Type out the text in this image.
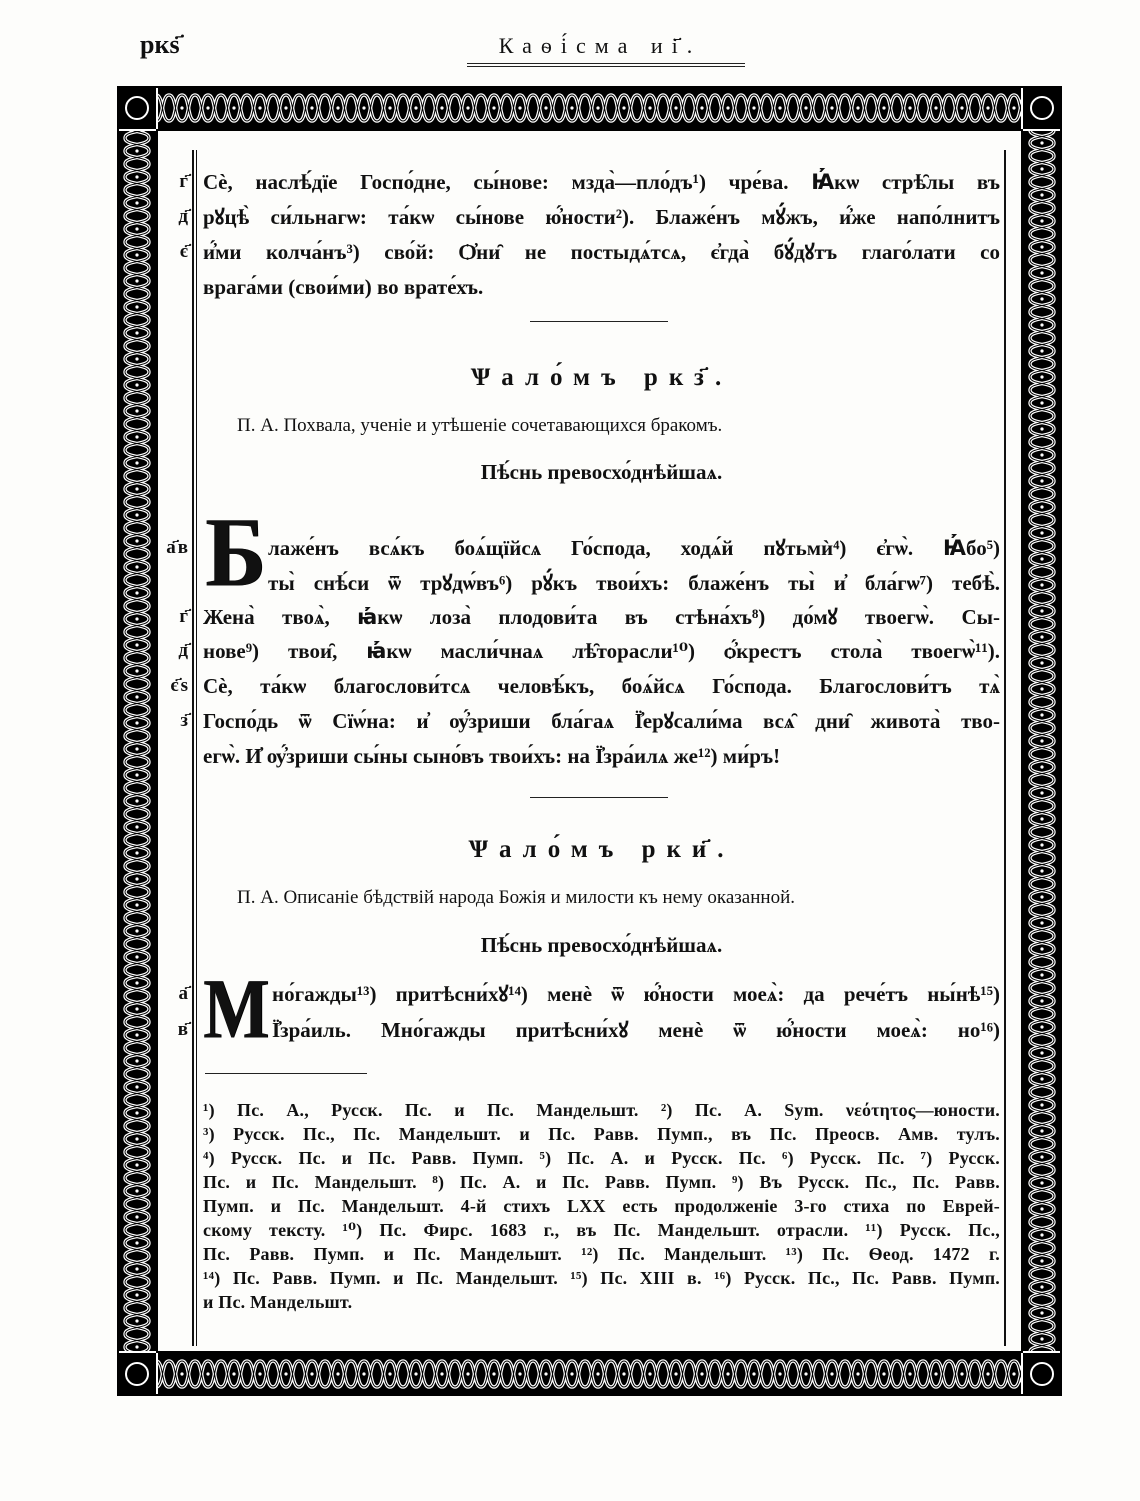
ркѕ҃	Каѳі́сма иі҃.
г҃
д҃
є҃
Сѐ, наслѣ́дїе Госпо́дне, сы́нове: мзда̀—пло́дъ¹) чре́ва. Ꙗ҆́кѡ стрѣ̑лы въ
рꙋцѣ̀ си́льнагѡ: та́кѡ сы́нове ю҆́ности²). Блаже́нъ мꙋ́жъ, и҆́же напо́лнитъ
и҆́ми колча́нъ³) сво́й: Ѻ҆ни̑ не постыдѧ́тсѧ, є҆гда̀ бꙋ́дꙋтъ глаго́лати со
врага́ми (свои́ми) во врате́хъ.
Ѱало́мъ ркз҃.
П. А. Похвала, ученіе и утѣшеніе сочетавающихся бракомъ.
Пѣ́снь превосхо́днѣйшаѧ.
Б
а҃в
г҃
д҃
є҃ѕ
з҃
лаже́нъ всѧ́къ боѧ́щїйсѧ Го́спода, ходѧ́й пꙋтьмѝ⁴) є҆гѡ̀. Ꙗ҆́бо⁵)
ты̀ снѣ́си ѿ трꙋдѡ́въ⁶) рꙋ́къ твои́хъ: блаже́нъ ты̀ и҆ бла́гѡ⁷) тебѣ̀.
Жена̀ твоѧ̀, ꙗ҆́кѡ лоза̀ плодови́та въ стѣна́хъ⁸) до́мꙋ твоегѡ̀. Сы-
нове⁹) твои̑, ꙗ҆́кѡ масли́чнаѧ лѣ̑торасли¹⁰) ѻ҆́крестъ стола̀ твоегѡ̀¹¹).
Сѐ, та́кѡ благослови́тсѧ человѣ́къ, боѧ́йсѧ Го́спода. Благослови́тъ тѧ̀
Госпо́дь ѿ Сїѡ́на: и҆ ѹ҆́зриши бла́гаѧ Ї҆ерꙋсали́ма всѧ̑ дни̑ живота̀ тво-
егѡ̀. И҆ ѹ҆́зриши сы́ны сыно́въ твои́хъ: на Ї҆зра́илѧ же¹²) ми́ръ!
Ѱало́мъ рки҃.
П. А. Описаніе бѣдствій народа Божія и милости къ нему оказанной.
Пѣ́снь превосхо́днѣйшаѧ.
М
а҃
в҃
но́гажды¹³) притѣсни́хꙋ¹⁴) менѐ ѿ ю҆́ности моеѧ̀: да рече́тъ ны́нѣ¹⁵)
Ї҆зра́иль. Мно́гажды притѣсни́хꙋ менѐ ѿ ю҆́ности моеѧ̀: но¹⁶)
¹) Пс. А., Русск. Пс. и Пс. Мандельшт. ²) Пс. А. Sym. νεότητος—юности.
³) Русск. Пс., Пс. Мандельшт. и Пс. Равв. Пумп., въ Пс. Преосв. Амв. тулъ.
⁴) Русск. Пс. и Пс. Равв. Пумп. ⁵) Пс. А. и Русск. Пс. ⁶) Русск. Пс. ⁷) Русск.
Пс. и Пс. Мандельшт. ⁸) Пс. А. и Пс. Равв. Пумп. ⁹) Въ Русск. Пс., Пс. Равв.
Пумп. и Пс. Мандельшт. 4-й стихъ LXX есть продолженіе 3-го стиха по Еврей-
скому тексту. ¹⁰) Пс. Фирс. 1683 г., въ Пс. Мандельшт. отрасли. ¹¹) Русск. Пс.,
Пс. Равв. Пумп. и Пс. Мандельшт. ¹²) Пс. Мандельшт. ¹³) Пс. Ѳеод. 1472 г.
¹⁴) Пс. Равв. Пумп. и Пс. Мандельшт. ¹⁵) Пс. XIII в. ¹⁶) Русск. Пс., Пс. Равв. Пумп.
и Пс. Мандельшт.
